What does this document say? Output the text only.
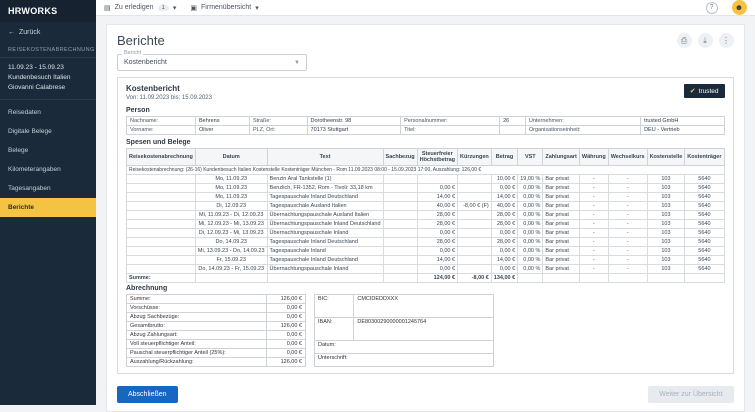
HRWORKS
← Zurück
REISEKOSTENABRECHNUNG
11.09.23 - 15.09.23
Kundenbesuch Italien
Giovanni Calabrese
Reisedaten
Digitale Belege
Belege
Kilometerangaben
Tagesangaben
Berichte
▤ Zu erledigen	1	▾ ▣ Firmenübersicht ▾	?	☻
Berichte	⎙	⤓	⋮
Bericht
Kostenbericht	▼
Kostenbericht
Von: 11.09.2023 bis: 15.09.2023
✔ trusted
Person
Nachname:	Behrens	Straße:	Dorotheenstr. 98	Personalnummer:	26	Unternehmen:	trusted GmbH
Vorname:	Oliver	PLZ, Ort:	70173 Stuttgart	Titel:		Organisationseinheit:	DEU - Vertrieb
Spesen und Belege
Reisekostenabrechnung	Datum	Text	Sachbezug	Steuerfreier Höchstbetrag	Kürzungen	Betrag	VST	Zahlungsart	Währung	Wechselkurs	Kostenstelle	Kostenträger
Reisekostenabrechnung: (26-16) Kundenbesuch Italien Kostenstelle Kostenträger München - Rom 11.09.2023 08:00 - 15.09.2023 17:00, Auszahlung: 126,00 €												
	Mo, 11.09.23	Benzin Aral Tankstelle (1)				10,00 €	19,00 %	Bar privat	-	-	103	5640
	Mo, 11.09.23	Benzlich, FR-1352, Rom - Tivoli: 33,18 km		0,00 €		0,00 €	0,00 %	Bar privat	-	-	103	5640
	Mo, 11.09.23	Tagespauschale Inland Deutschland		14,00 €		14,00 €	0,00 %	Bar privat	-	-	103	5640
	Di, 12.09.23	Tagespauschale Ausland Italien		40,00 €	-8,00 € (F)	40,00 €	0,00 %	Bar privat	-	-	103	5640
	Mi, 11.09.23 - Di, 12.09.23	Übernachtungspauschale Ausland Italien		28,00 €		28,00 €	0,00 %	Bar privat	-	-	103	5640
	Mi, 12.09.23 - Mi, 13.09.23	Übernachtungspauschale Inland Deutschland		28,00 €		28,00 €	0,00 %	Bar privat	-	-	103	5640
	Di, 12.09.23 - Mi, 13.09.23	Übernachtungspauschale Inland		0,00 €		0,00 €	0,00 %	Bar privat	-	-	103	5640
	Do, 14.09.23	Tagespauschale Inland Deutschland		28,00 €		28,00 €	0,00 %	Bar privat	-	-	103	5640
	Mi, 13.09.23 - Do, 14.09.23	Tagespauschale Inland		0,00 €		0,00 €	0,00 %	Bar privat	-	-	103	5640
	Fr, 15.09.23	Tagespauschale Inland Deutschland		14,00 €		14,00 €	0,00 %	Bar privat	-	-	103	5640
	Do, 14.09.23 - Fr, 15.09.23	Übernachtungspauschale Inland		0,00 €		0,00 €	0,00 %	Bar privat	-	-	103	5640
Summe:				124,00 €	-8,00 €	134,00 €						
Abrechnung
Summe:	126,00 €
Vorschüsse:	0,00 €
Abzug Sachbezüge:	0,00 €
Gesamtbrutto:	126,00 €
Abzug Zahlungsart:	0,00 €
Voll steuerpflichtiger Anteil:	0,00 €
Pauschal steuerpflichtiger Anteil (25%):	0,00 €
Auszahlung/Rückzahlung:	126,00 €
BIC:	CMCIDEDDXXX
IBAN:	DE80300290000001245764
Datum:	
Unterschrift:	
Abschließen	Weiter zur Übersicht
